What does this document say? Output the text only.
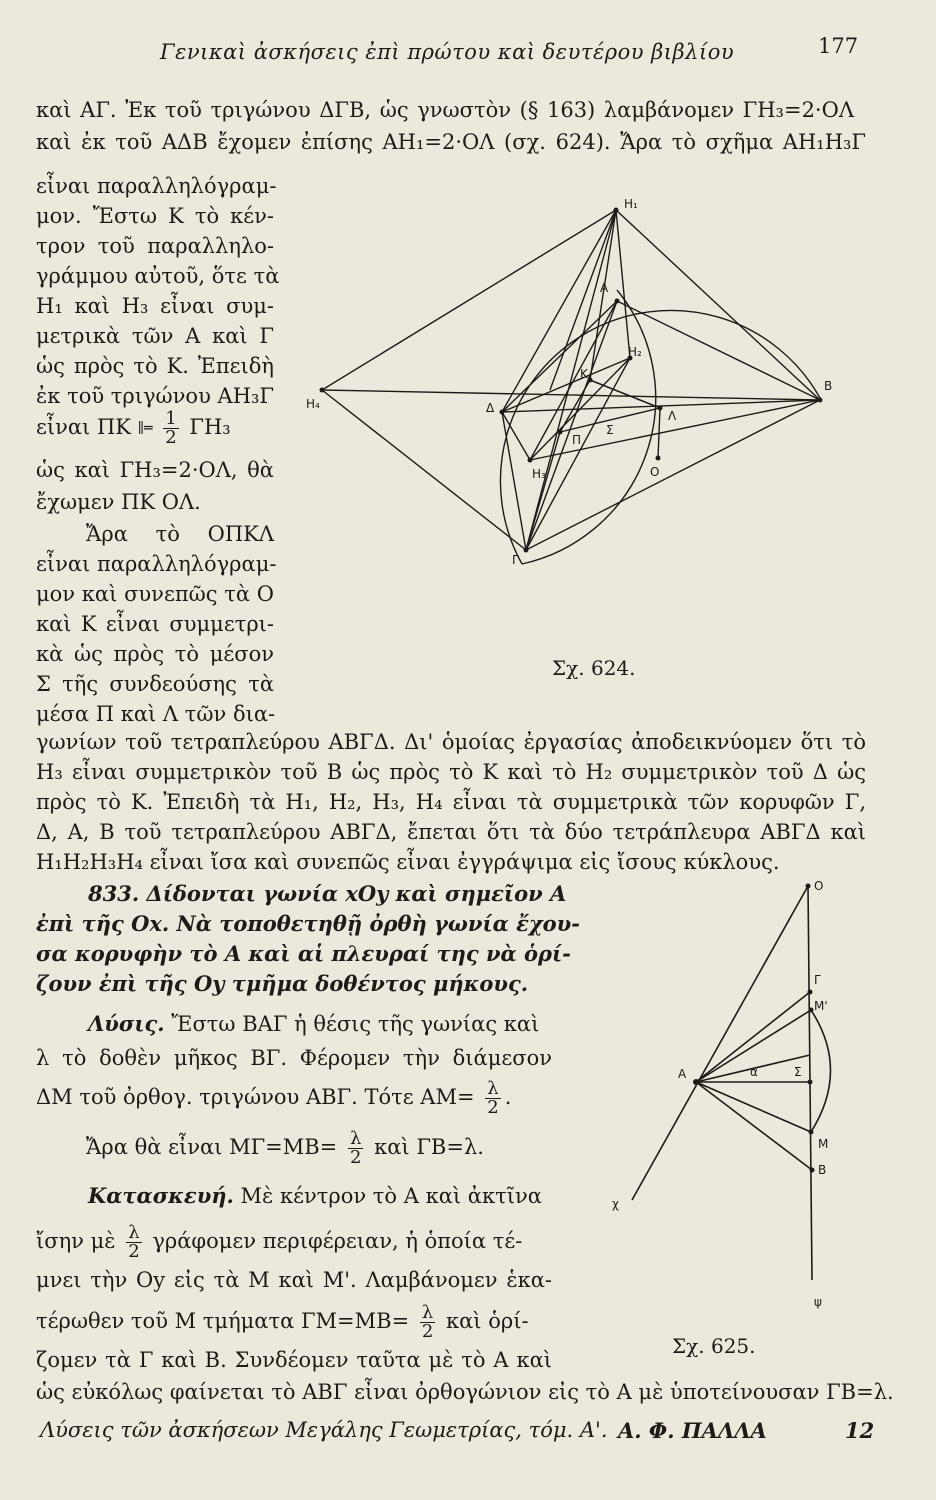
Γενικαὶ ἀσκήσεις ἐπὶ πρώτου καὶ δευτέρου βιβλίου	177
καὶ ΑΓ. Ἐκ τοῦ τριγώνου ΔΓΒ, ὡς γνωστὸν (§ 163) λαμβάνομεν ΓΗ₃=2·ΟΛ
καὶ ἐκ τοῦ ΑΔΒ ἔχομεν ἐπίσης ΑΗ₁=2·ΟΛ (σχ. 624). Ἄρα τὸ σχῆμα ΑΗ₁Η₃Γ
εἶναι παραλληλόγραμ-
μον. Ἔστω Κ τὸ κέν-
τρον τοῦ παραλληλο-
γράμμου αὐτοῦ, ὅτε τὰ
Η₁ καὶ Η₃ εἶναι συμ-
μετρικὰ τῶν Α καὶ Γ
ὡς πρὸς τὸ Κ. Ἐπειδὴ
ἐκ τοῦ τριγώνου ΑΗ₃Γ
εἶναι ΠΚ ∥═ $\frac{1}{2} \Gamma H_3$
ὡς καὶ ΓΗ₃=2·ΟΛ, θὰ
ἔχωμεν ΠΚ ΟΛ.
Ἄρα τὸ ΟΠΚΛ
εἶναι παραλληλόγραμ-
μον καὶ συνεπῶς τὰ Ο
καὶ Κ εἶναι συμμετρι-
κὰ ὡς πρὸς τὸ μέσον
Σ τῆς συνδεούσης τὰ
μέσα Π καὶ Λ τῶν δια-
γωνίων τοῦ τετραπλεύρου ΑΒΓΔ. Δι' ὁμοίας ἐργασίας ἀποδεικνύομεν ὅτι τὸ
Η₃ εἶναι συμμετρικὸν τοῦ Β ὡς πρὸς τὸ Κ καὶ τὸ Η₂ συμμετρικὸν τοῦ Δ ὡς
πρὸς τὸ Κ. Ἐπειδὴ τὰ Η₁, Η₂, Η₃, Η₄ εἶναι τὰ συμμετρικὰ τῶν κορυφῶν Γ,
Δ, Α, Β τοῦ τετραπλεύρου ΑΒΓΔ, ἔπεται ὅτι τὰ δύο τετράπλευρα ΑΒΓΔ καὶ
Η₁Η₂Η₃Η₄ εἶναι ἴσα καὶ συνεπῶς εἶναι ἐγγράψιμα εἰς ἴσους κύκλους.
Η₁
Α
Η₂
Β
Η₄	Δ
Κ
Σ
Λ
Π
Ο
Η₃
Γ
Σχ. 624.
833. Δίδονται γωνία xOy καὶ σημεῖον Α
ἐπὶ τῆς Οx. Νὰ τοποθετηθῇ ὀρθὴ γωνία ἔχου-
σα κορυφὴν τὸ Α καὶ αἱ πλευραί της νὰ ὁρί-
ζουν ἐπὶ τῆς Οy τμῆμα δοθέντος μήκους.
Λύσις. Ἔστω ΒΑΓ ἡ θέσις τῆς γωνίας καὶ
λ τὸ δοθὲν μῆκος ΒΓ. Φέρομεν τὴν διάμεσον
ΔΜ τοῦ ὀρθογ. τριγώνου ΑΒΓ. Τότε $AM= \frac{\lambda}{2}$ .
Ἄρα θὰ εἶναι $M\Gamma=MB= \frac{\lambda}{2}$ καὶ ΓΒ=λ.
Κατασκευή. Μὲ κέντρον τὸ Α καὶ ἀκτῖνα
ἴσην μὲ $\frac{\lambda}{2}$ γράφομεν περιφέρειαν, ἡ ὁποία τέ-
μνει τὴν Οy εἰς τὰ Μ καὶ Μ'. Λαμβάνομεν ἑκα-
τέρωθεν τοῦ Μ τμήματα $\Gamma M=MB= \frac{\lambda}{2}$ καὶ ὁρί-
ζομεν τὰ Γ καὶ Β. Συνδέομεν ταῦτα μὲ τὸ Α καὶ
ὡς εὐκόλως φαίνεται τὸ ΑΒΓ εἶναι ὀρθογώνιον εἰς τὸ Α μὲ ὑποτείνουσαν ΓΒ=λ.
Ο
Γ
Μ'
Α	α	Σ
Μ
χ
Β
ψ
Σχ. 625.
Λύσεις τῶν ἀσκήσεων Μεγάλης Γεωμετρίας, τόμ. Α'. Α. Φ. ΠΑΛΛΑ	12
